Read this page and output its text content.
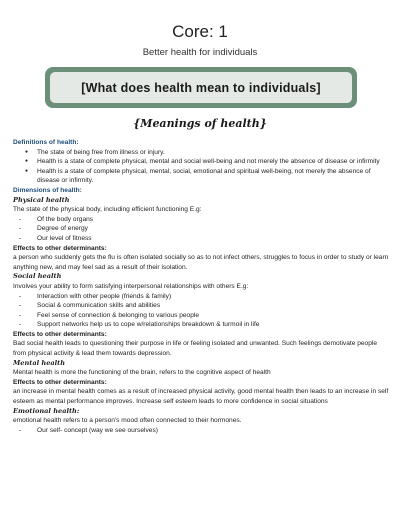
Core: 1
Better health for individuals
[What does health mean to individuals]
{Meanings of health}

Definitions of health:

● The state of being free from illness or injury.
● Health is a state of complete physical, mental and social well-being and not merely the absence of disease or infirmity
● Health is a state of complete physical, mental, social, emotional and spiritual well-being, not merely the absence of disease or infirmity.

Dimensions of health:

Physical health

The state of the physical body, including efficient functioning E.g:

- Of the body organs
- Degree of energy
- Our level of fitness

Effects to other determinants:

a person who suddenly gets the flu is often isolated socially so as to not infect others, struggles to focus in order to study or learn anything new, and may feel sad as a result of their isolation.

Social health

Involves your ability to form satisfying interpersonal relationships with others E.g:

- Interaction with other people (friends & family)
- Social & communication skills and abilities
- Feel sense of connection & belonging to various people
- Support networks help us to cope w/relationships breakdown & turmoil in life

Effects to other determinants:

Bad social health leads to questioning their purpose in life or feeling isolated and unwanted. Such feelings demotivate people from physical activity & lead them towards depression.

Mental health

Mental health is more the functioning of the brain, refers to the cognitive aspect of health

Effects to other determinants:

an increase in mental health comes as a result of increased physical activity, good mental health then leads to an increase in self esteem as mental performance improves. Increase self esteem leads to more confidence in social situations

Emotional health:

emotional health refers to a person's mood often connected to their hormones.

- Our self- concept (way we see ourselves)
